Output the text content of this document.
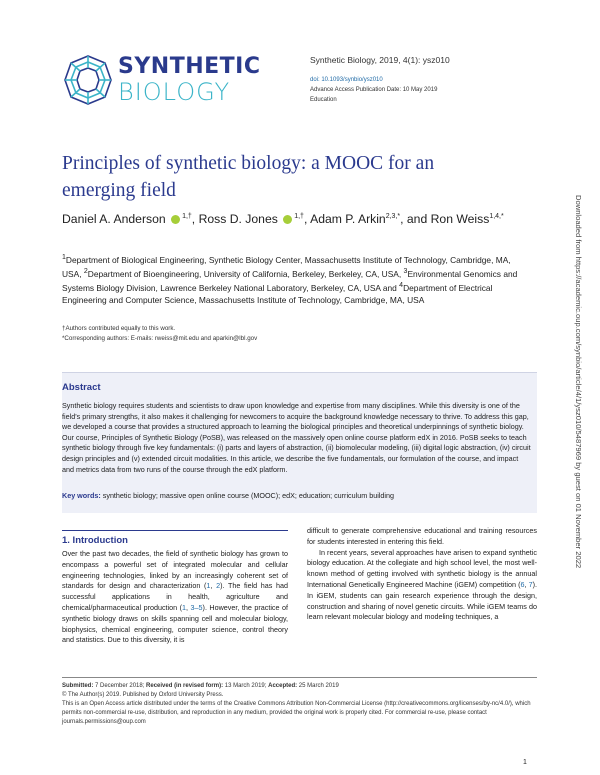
SYNTHETIC
BIOLOGY
Synthetic Biology, 2019, 4(1): ysz010
doi: 10.1093/synbio/ysz010
Advance Access Publication Date: 10 May 2019
Education
Principles of synthetic biology: a MOOC for an emerging field
Daniel A. Anderson $^{1,\dagger}$, Ross D. Jones $^{1,\dagger}$, Adam P. Arkin$^{2,3,*}$, and Ron Weiss$^{1,4,*}$
$^1$Department of Biological Engineering, Synthetic Biology Center, Massachusetts Institute of Technology, Cambridge, MA, USA, $^2$Department of Bioengineering, University of California, Berkeley, Berkeley, CA, USA, $^3$Environmental Genomics and Systems Biology Division, Lawrence Berkeley National Laboratory, Berkeley, CA, USA and $^4$Department of Electrical Engineering and Computer Science, Massachusetts Institute of Technology, Cambridge, MA, USA
†Authors contributed equally to this work.
*Corresponding authors: E-mails: rweiss@mit.edu and aparkin@lbl.gov
Abstract
Synthetic biology requires students and scientists to draw upon knowledge and expertise from many disciplines. While this diversity is one of the field’s primary strengths, it also makes it challenging for newcomers to acquire the background knowledge necessary to thrive. To address this gap, we developed a course that provides a structured approach to learning the biological principles and theoretical underpinnings of synthetic biology. Our course, Principles of Synthetic Biology (PoSB), was released on the massively open online course platform edX in 2016. PoSB seeks to teach synthetic biology through five key fundamentals: (i) parts and layers of abstraction, (ii) biomolecular modeling, (iii) digital logic abstraction, (iv) circuit design principles and (v) extended circuit modalities. In this article, we describe the five fundamentals, our formulation of the course, and impact and metrics data from two runs of the course through the edX platform.
Key words: synthetic biology; massive open online course (MOOC); edX; education; curriculum building
1. Introduction
Over the past two decades, the field of synthetic biology has grown to encompass a powerful set of integrated molecular and cellular engineering technologies, linked by an increasingly coherent set of standards for design and characterization (1, 2). The field has had successful applications in health, agriculture and chemical/pharmaceutical production (1, 3–5). However, the practice of synthetic biology draws on skills spanning cell and molecular biology, biophysics, chemical engineering, computer science, control theory and statistics. Due to this diversity, it is
difficult to generate comprehensive educational and training resources for students interested in entering this field.
In recent years, several approaches have arisen to expand synthetic biology education. At the collegiate and high school level, the most well-known method of getting involved with synthetic biology is the annual International Genetically Engineered Machine (iGEM) competition (6, 7). In iGEM, students can gain research experience through the design, construction and sharing of novel genetic circuits. While iGEM teams do learn relevant molecular biology and modeling techniques, a
Submitted: 7 December 2018; Received (in revised form): 13 March 2019; Accepted: 25 March 2019
© The Author(s) 2019. Published by Oxford University Press.
This is an Open Access article distributed under the terms of the Creative Commons Attribution Non-Commercial License (http://creativecommons.org/licenses/by-nc/4.0/), which permits non-commercial re-use, distribution, and reproduction in any medium, provided the original work is properly cited. For commercial re-use, please contact journals.permissions@oup.com
1
Downloaded from https://academic.oup.com/synbio/article/4/1/ysz010/5487969 by guest on 01 November 2022
